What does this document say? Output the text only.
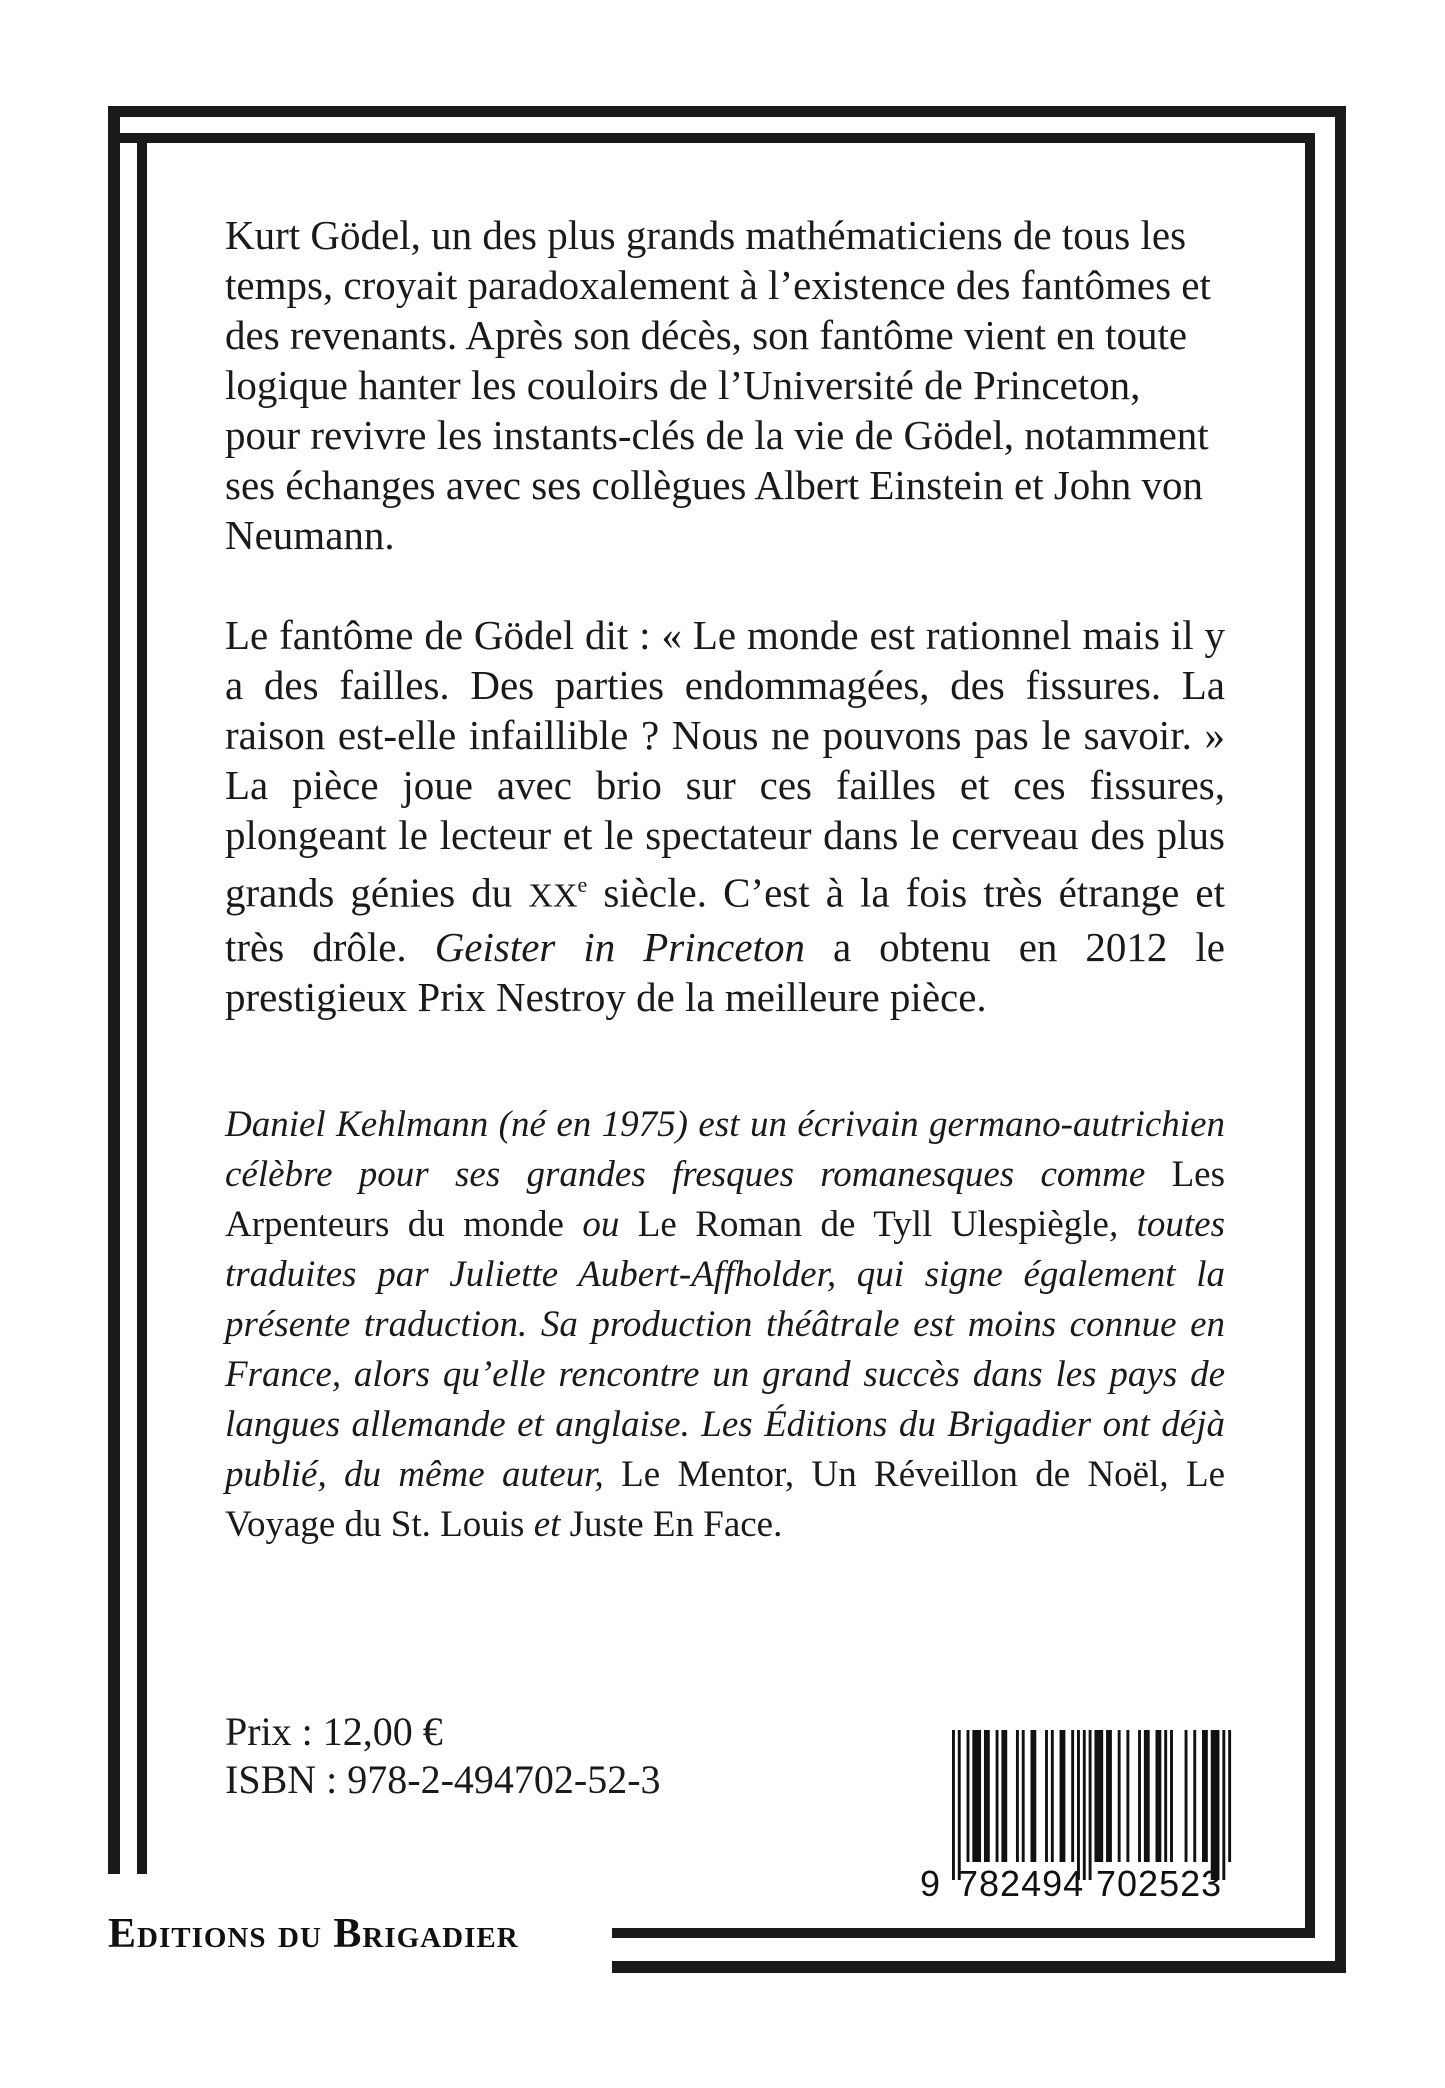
Kurt Gödel, un des plus grands mathématiciens de tous les temps, croyait paradoxalement à l’existence des fantômes et des revenants. Après son décès, son fantôme vient en toute logique hanter les couloirs de l’Université de Princeton, pour revivre les instants-clés de la vie de Gödel, notamment ses échanges avec ses collègues Albert Einstein et John von Neumann.

Le fantôme de Gödel dit : « Le monde est rationnel mais il y a des failles. Des parties endommagées, des fissures. La raison est-elle infaillible ? Nous ne pouvons pas le savoir. » La pièce joue avec brio sur ces failles et ces fissures, plongeant le lecteur et le spectateur dans le cerveau des plus grands génies du XXe siècle. C’est à la fois très étrange et très drôle. Geister in Princeton a obtenu en 2012 le prestigieux Prix Nestroy de la meilleure pièce.

Daniel Kehlmann (né en 1975) est un écrivain germano-autrichien célèbre pour ses grandes fresques romanesques comme Les Arpenteurs du monde ou Le Roman de Tyll Ulespiègle, toutes traduites par Juliette Aubert-Affholder, qui signe également la présente traduction. Sa production théâtrale est moins connue en France, alors qu’elle rencontre un grand succès dans les pays de langues allemande et anglaise. Les Éditions du Brigadier ont déjà publié, du même auteur, Le Mentor, Un Réveillon de Noël, Le Voyage du St. Louis et Juste En Face.

Prix : 12,00 €
ISBN : 978-2-494702-52-3
9 782494 702523
Editions du Brigadier
